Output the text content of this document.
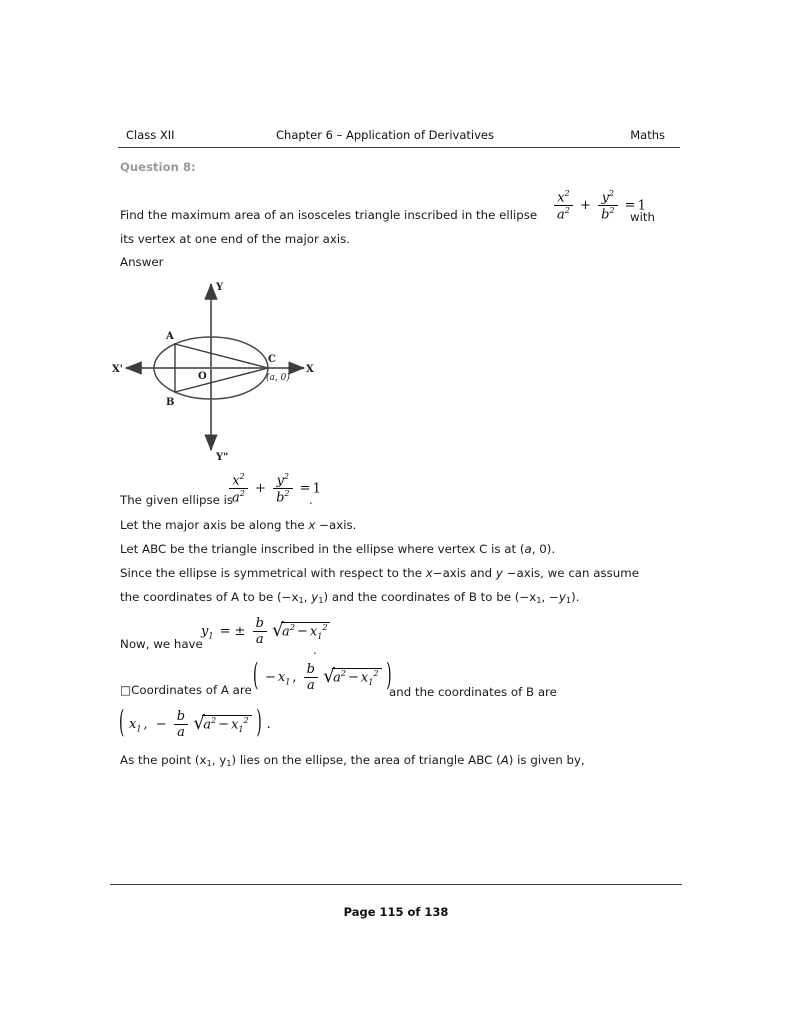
Class XII	Chapter 6 – Application of Derivatives	Maths
Question 8:
Find the maximum area of an isosceles triangle inscribed in the ellipse $\frac{x^2}{a^2} + \frac{y^2}{b^2} = 1$
with
its vertex at one end of the major axis.
Answer
Y
Y"
X
X'
O
A
B
C
(a, 0)
The given ellipse is
$\frac{x^2}{a^2} + \frac{y^2}{b^2} = 1$
.
Let the major axis be along the x −axis.
Let ABC be the triangle inscribed in the ellipse where vertex C is at (a, 0).
Since the ellipse is symmetrical with respect to the x−axis and y −axis, we can assume
the coordinates of A to be ($-x_1$, $y_1$) and the coordinates of B to be ($-x_1$, $-y_1$).
Now, we have
$y_1$ = ± $\frac{b}{a}$
√
$a^2 - x_1^2$
.
□Coordinates of A are ( − $x_1$ , $\frac{b}{a}$
√
$a^2 - x_1^2$ )
and the coordinates of B are
( $x_1$ , − $\frac{b}{a}$
√
$a^2 - x_1^2$ ) .
As the point ($x_1$, $y_1$) lies on the ellipse, the area of triangle ABC (A) is given by,
Page 115 of 138
